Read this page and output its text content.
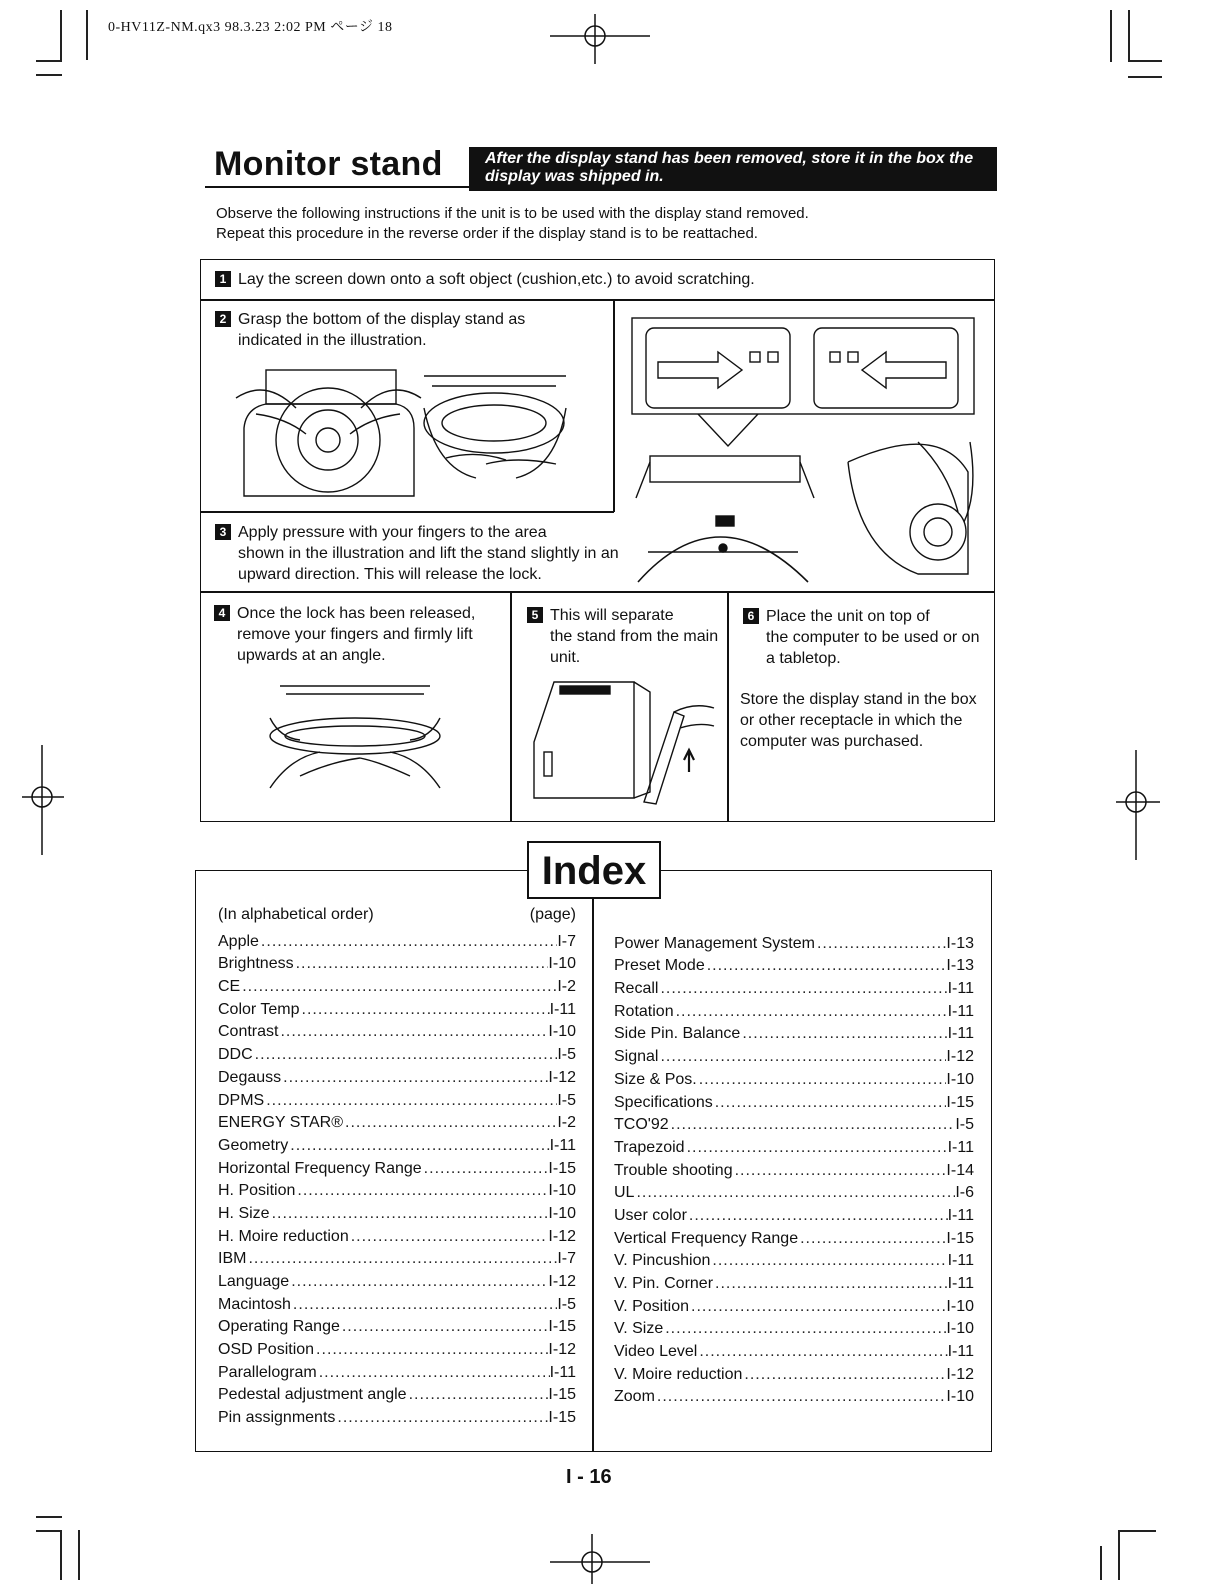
0-HV11Z-NM.qx3 98.3.23 2:02 PM ページ 18
Monitor stand	After the display stand has been removed, store it in the box the display was shipped in.
Observe the following instructions if the unit is to be used with the display stand removed.
Repeat this procedure in the reverse order if the display stand is to be reattached.
1 Lay the screen down onto a soft object (cushion,etc.) to avoid scratching.
2 Grasp the bottom of the display stand as
indicated in the illustration.
3 Apply pressure with your fingers to the area
shown in the illustration and lift the stand slightly in an upward direction. This will release the lock.
4 Once the lock has been released,
remove your fingers and firmly lift upwards at an angle.
5 This will separate
the stand from the main unit.
6 Place the unit on top of
the computer to be used or on a tabletop.
Store the display stand in the box or other receptacle in which the computer was purchased.
Index
(In alphabetical order)	(page)
Apple .....	I-7
Brightness .....	I-10
CE .....	I-2
Color Temp .....	I-11
Contrast .....	I-10
DDC .....	I-5
Degauss .....	I-12
DPMS .....	I-5
ENERGY STAR® .....	I-2
Geometry .....	I-11
Horizontal Frequency Range .....	I-15
H. Position .....	I-10
H. Size .....	I-10
H. Moire reduction .....	I-12
IBM .....	I-7
Language .....	I-12
Macintosh .....	I-5
Operating Range .....	I-15
OSD Position .....	I-12
Parallelogram .....	I-11
Pedestal adjustment angle .....	I-15
Pin assignments .....	I-15
Power Management System .....	I-13
Preset Mode .....	I-13
Recall .....	I-11
Rotation .....	I-11
Side Pin. Balance .....	I-11
Signal .....	I-12
Size & Pos. .....	I-10
Specifications .....	I-15
TCO'92 .....	I-5
Trapezoid .....	I-11
Trouble shooting .....	I-14
UL .....	I-6
User color .....	I-11
Vertical Frequency Range .....	I-15
V. Pincushion .....	I-11
V. Pin. Corner .....	I-11
V. Position .....	I-10
V. Size .....	I-10
Video Level .....	I-11
V. Moire reduction .....	I-12
Zoom .....	I-10
I - 16
